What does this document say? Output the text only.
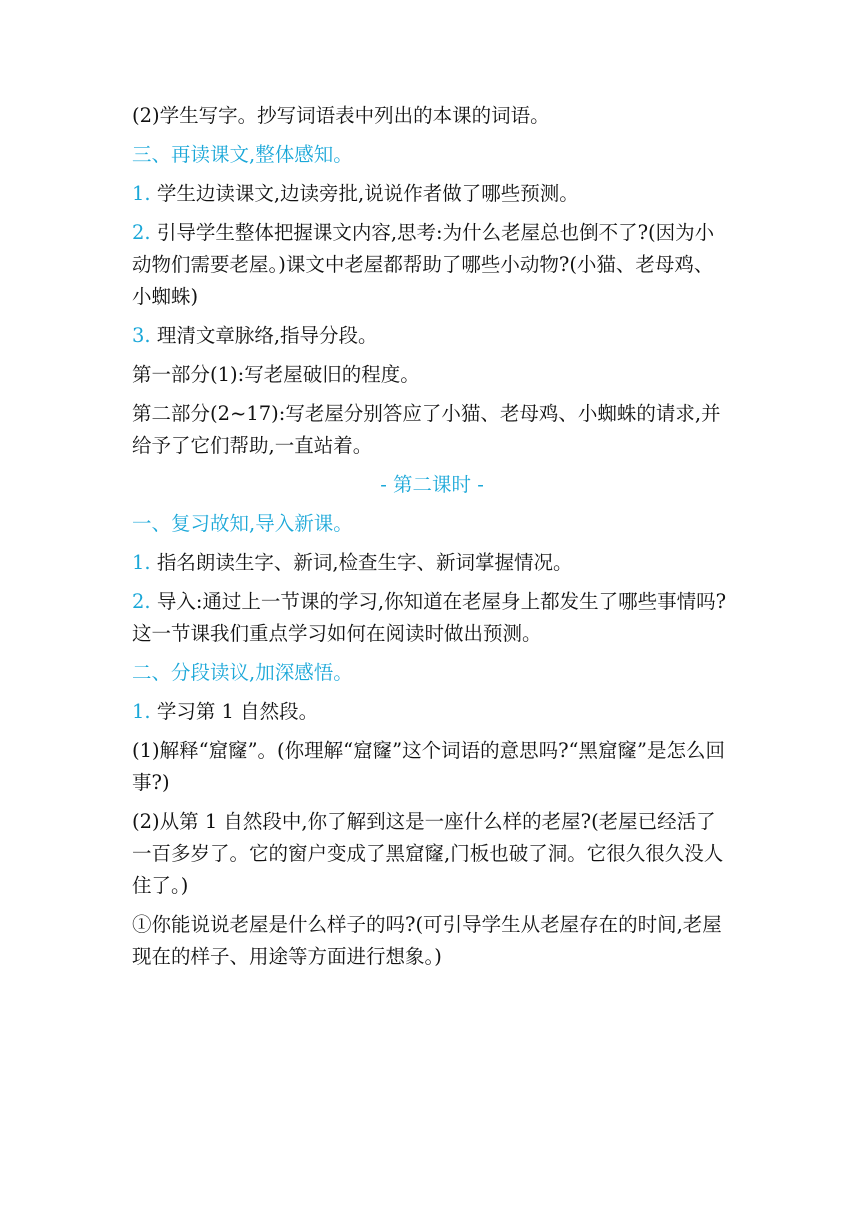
(2)学生写字。抄写词语表中列出的本课的词语。

三、再读课文,整体感知。

1. 学生边读课文,边读旁批,说说作者做了哪些预测。

2. 引导学生整体把握课文内容,思考:为什么老屋总也倒不了?(因为小动物们需要老屋。)课文中老屋都帮助了哪些小动物?(小猫、老母鸡、小蜘蛛)

3. 理清文章脉络,指导分段。

第一部分(1):写老屋破旧的程度。

第二部分(2~17):写老屋分别答应了小猫、老母鸡、小蜘蛛的请求,并给予了它们帮助,一直站着。

- 第二课时 -

一、复习故知,导入新课。

1. 指名朗读生字、新词,检查生字、新词掌握情况。

2. 导入:通过上一节课的学习,你知道在老屋身上都发生了哪些事情吗?这一节课我们重点学习如何在阅读时做出预测。

二、分段读议,加深感悟。

1. 学习第 1 自然段。

(1)解释“窟窿”。(你理解“窟窿”这个词语的意思吗?“黑窟窿”是怎么回事?)

(2)从第 1 自然段中,你了解到这是一座什么样的老屋?(老屋已经活了一百多岁了。它的窗户变成了黑窟窿,门板也破了洞。它很久很久没人住了。)

①你能说说老屋是什么样子的吗?(可引导学生从老屋存在的时间,老屋现在的样子、用途等方面进行想象。)
